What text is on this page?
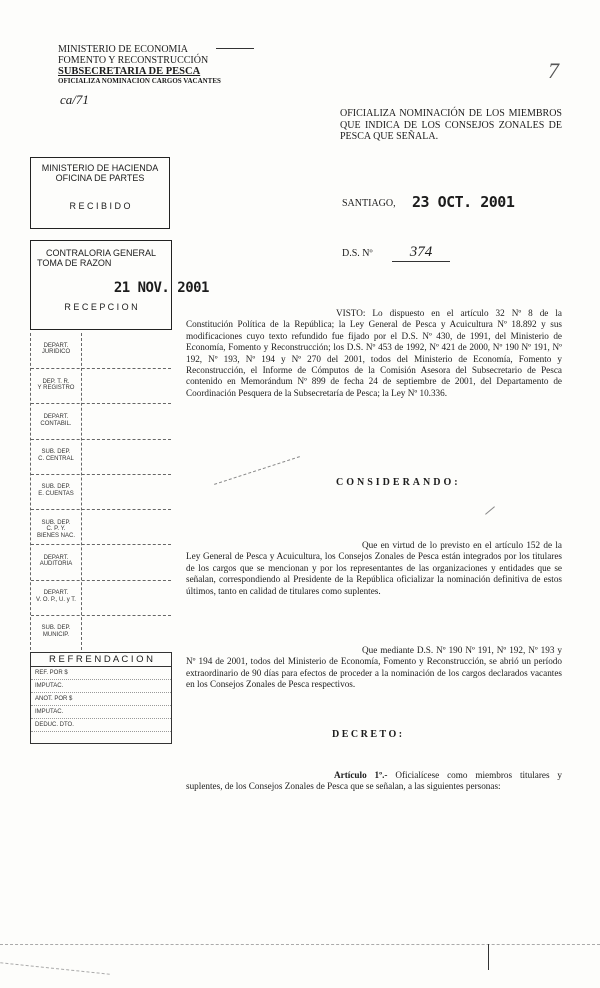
MINISTERIO DE ECONOMIA
FOMENTO Y RECONSTRUCCIÓN
SUBSECRETARIA DE PESCA
OFICIALIZA NOMINACION CARGOS VACANTES
ca/71
7
OFICIALIZA NOMINACIÓN DE LOS MIEMBROS QUE INDICA DE LOS CONSEJOS ZONALES DE PESCA QUE SEÑALA.
SANTIAGO, 23 OCT. 2001
D.S. Nº	374
MINISTERIO DE HACIENDA
OFICINA DE PARTES
R E C I B I D O
CONTRALORIA GENERAL
TOMA DE RAZON
21 NOV. 2001
R E C E P C I O N
DEPART.
JURIDICO
DEP. T. R.
Y REGISTRO
DEPART.
CONTABIL.
SUB. DEP.
C. CENTRAL
SUB. DEP.
E. CUENTAS
SUB. DEP.
C. P. Y.
BIENES NAC.
DEPART.
AUDITORIA
DEPART.
V. O. P., U. y T.
SUB. DEP.
MUNICIP.
R E F R E N D A C I O N
REF. POR $
IMPUTAC.
ANOT. POR $
IMPUTAC.
DEDUC. DTO.
VISTO: Lo dispuesto en el artículo 32 Nº 8 de la Constitución Política de la República; la Ley General de Pesca y Acuicultura Nº 18.892 y sus modificaciones cuyo texto refundido fue fijado por el D.S. Nº 430, de 1991, del Ministerio de Economía, Fomento y Reconstrucción; los D.S. Nº 453 de 1992, Nº 421 de 2000, Nº 190 Nº 191, Nº 192, Nº 193, Nº 194 y Nº 270 del 2001, todos del Ministerio de Economía, Fomento y Reconstrucción, el Informe de Cómputos de la Comisión Asesora del Subsecretario de Pesca contenido en Memorándum Nº 899 de fecha 24 de septiembre de 2001, del Departamento de Coordinación Pesquera de la Subsecretaría de Pesca; la Ley Nº 10.336.
CONSIDERANDO:
Que en virtud de lo previsto en el artículo 152 de la Ley General de Pesca y Acuicultura, los Consejos Zonales de Pesca están integrados por los titulares de los cargos que se mencionan y por los representantes de las organizaciones y entidades que se señalan, correspondiendo al Presidente de la República oficializar la nominación definitiva de estos últimos, tanto en calidad de titulares como suplentes.
Que mediante D.S. Nº 190 Nº 191, Nº 192, Nº 193 y Nº 194 de 2001, todos del Ministerio de Economía, Fomento y Reconstrucción, se abrió un período extraordinario de 90 días para efectos de proceder a la nominación de los cargos declarados vacantes en los Consejos Zonales de Pesca respectivos.
DECRETO:
Artículo 1º.- Oficialícese como miembros titulares y suplentes, de los Consejos Zonales de Pesca que se señalan, a las siguientes personas:
